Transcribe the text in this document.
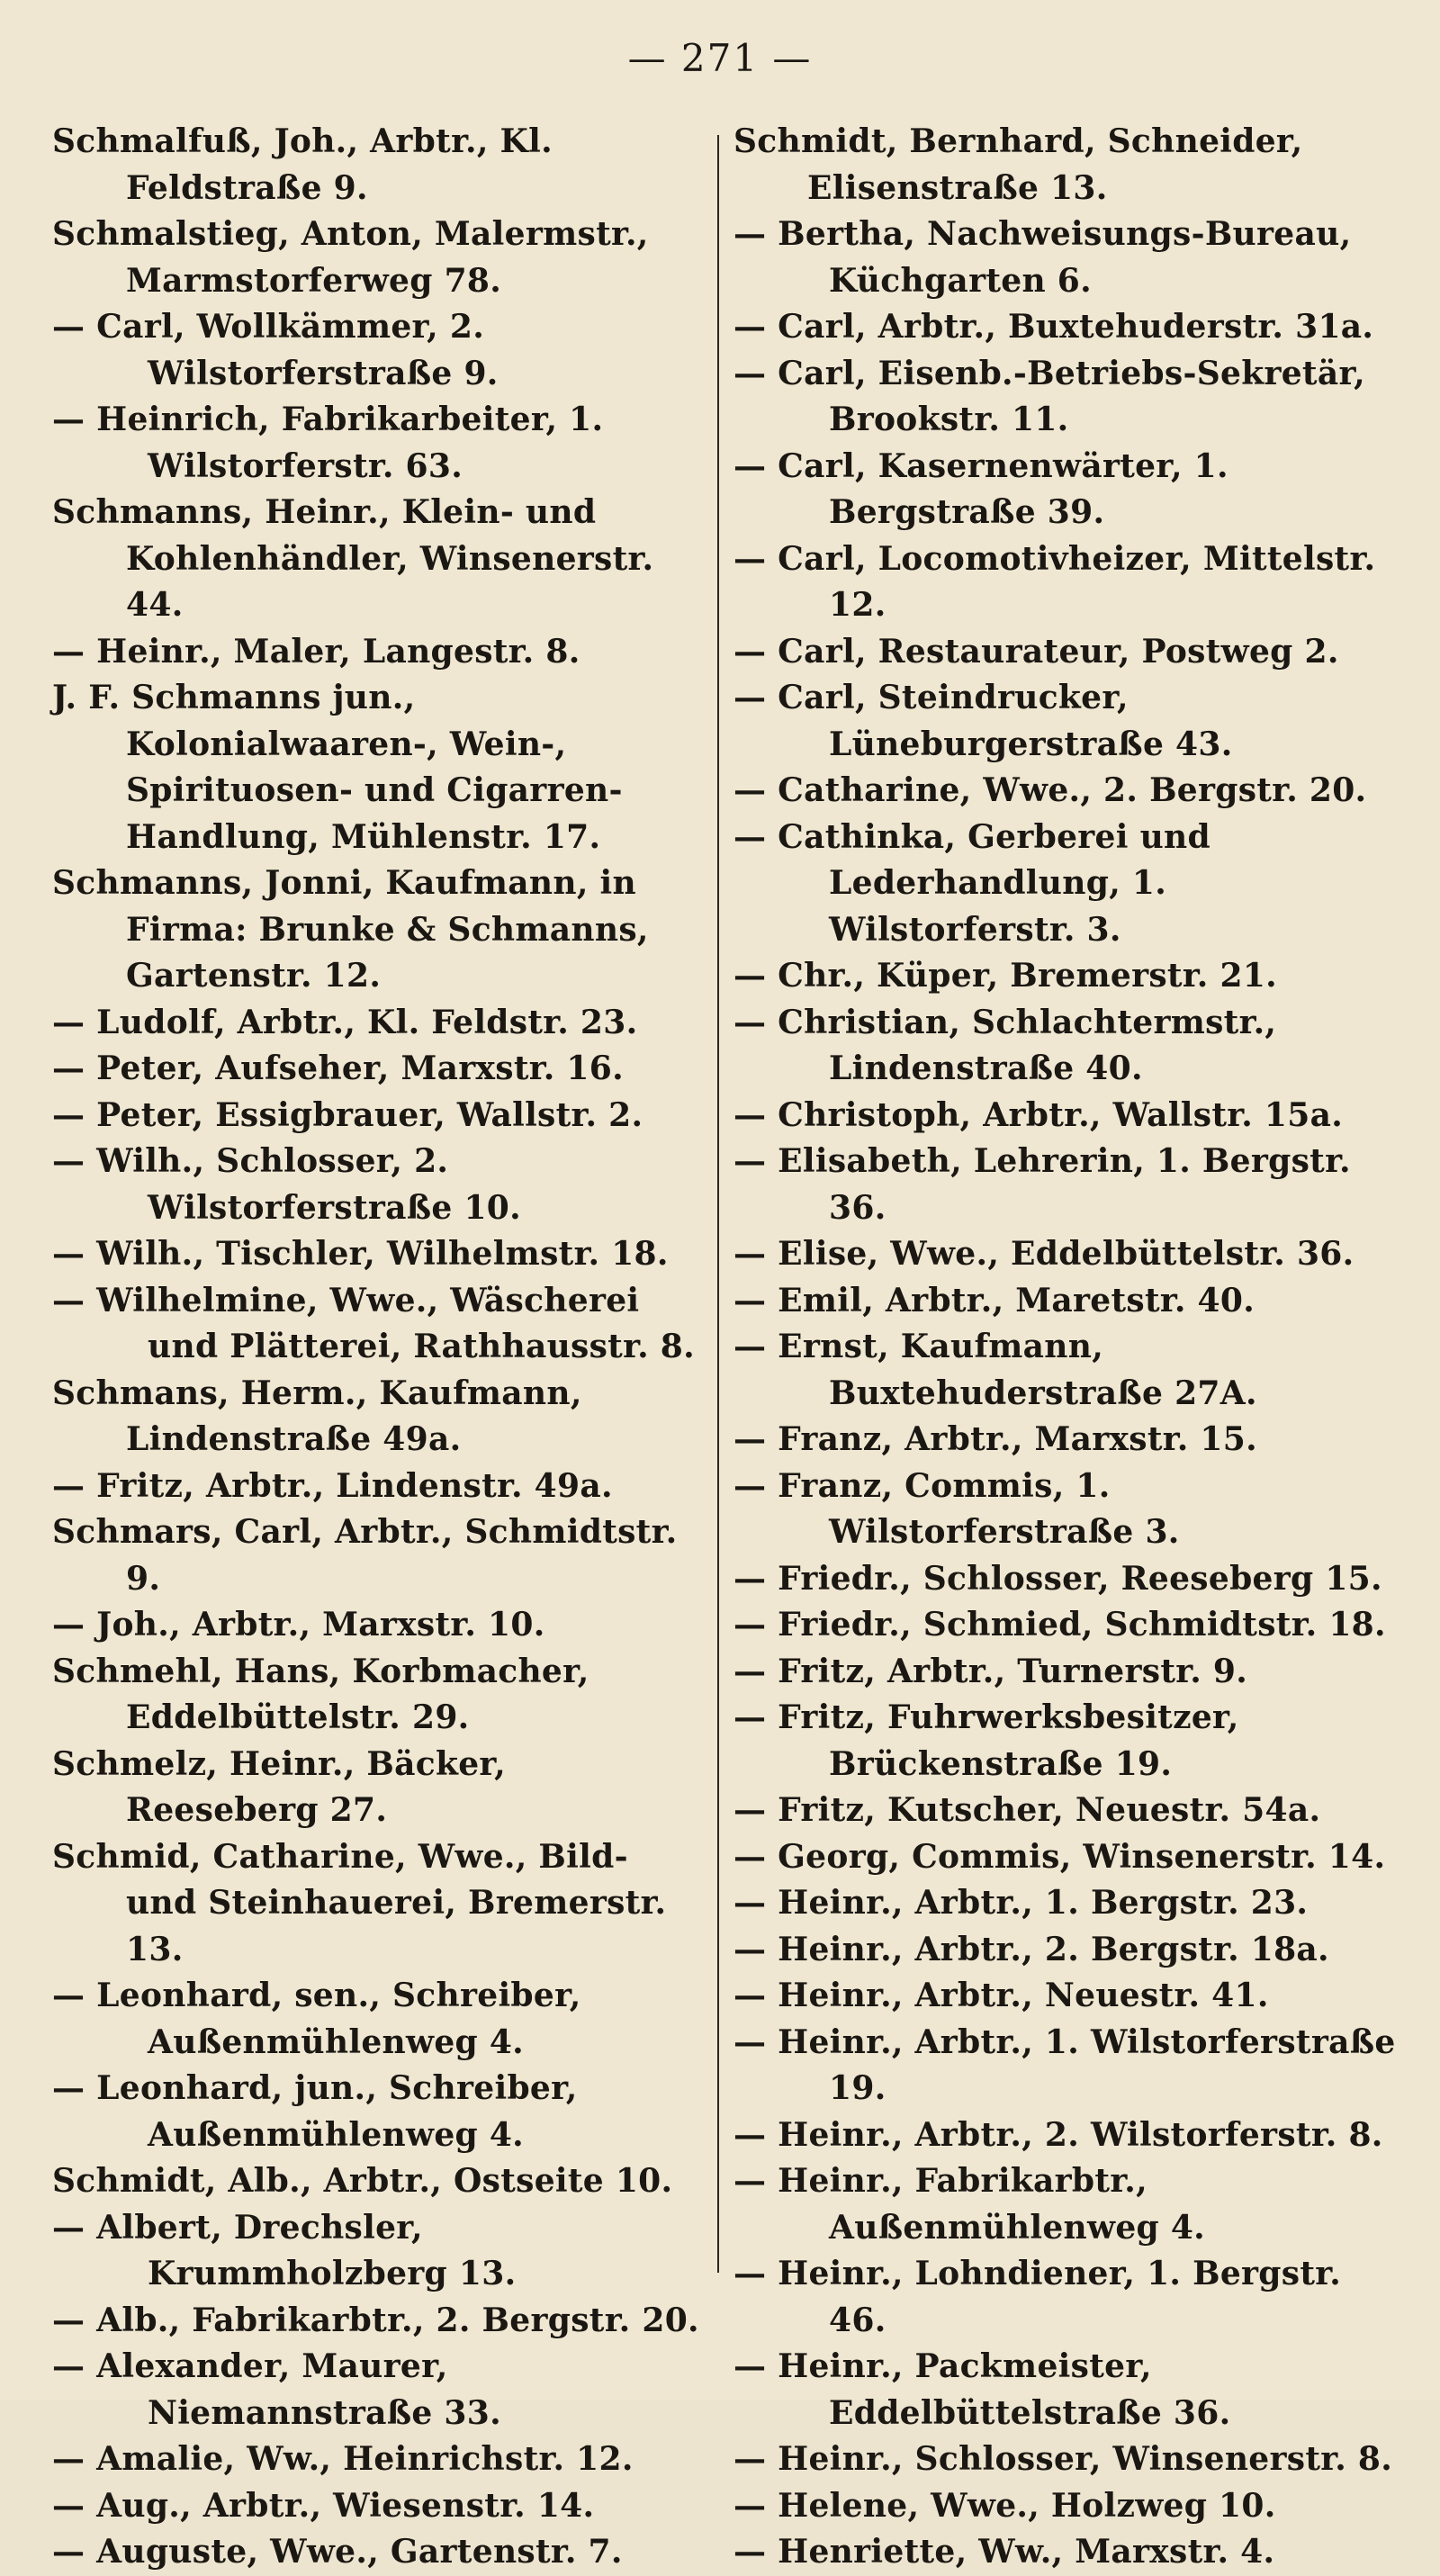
— 271 —
Schmalfuß, Joh., Arbtr., Kl. Feldstraße 9.
Schmalstieg, Anton, Malermstr., Marmstorferweg 78.
— Carl, Wollkämmer, 2. Wilstorferstraße 9.
— Heinrich, Fabrikarbeiter, 1. Wilstorferstr. 63.
Schmanns, Heinr., Klein- und Kohlenhändler, Winsenerstr. 44.
— Heinr., Maler, Langestr. 8.
J. F. Schmanns jun., Kolonialwaaren-, Wein-, Spirituosen- und Cigarren-Handlung, Mühlenstr. 17.
Schmanns, Jonni, Kaufmann, in Firma: Brunke & Schmanns, Gartenstr. 12.
— Ludolf, Arbtr., Kl. Feldstr. 23.
— Peter, Aufseher, Marxstr. 16.
— Peter, Essigbrauer, Wallstr. 2.
— Wilh., Schlosser, 2. Wilstorferstraße 10.
— Wilh., Tischler, Wilhelmstr. 18.
— Wilhelmine, Wwe., Wäscherei und Plätterei, Rathhausstr. 8.
Schmans, Herm., Kaufmann, Lindenstraße 49a.
— Fritz, Arbtr., Lindenstr. 49a.
Schmars, Carl, Arbtr., Schmidtstr. 9.
— Joh., Arbtr., Marxstr. 10.
Schmehl, Hans, Korbmacher, Eddelbüttelstr. 29.
Schmelz, Heinr., Bäcker, Reeseberg 27.
Schmid, Catharine, Wwe., Bild- und Steinhauerei, Bremerstr. 13.
— Leonhard, sen., Schreiber, Außenmühlenweg 4.
— Leonhard, jun., Schreiber, Außenmühlenweg 4.
Schmidt, Alb., Arbtr., Ostseite 10.
— Albert, Drechsler, Krummholzberg 13.
— Alb., Fabrikarbtr., 2. Bergstr. 20.
— Alexander, Maurer, Niemannstraße 33.
— Amalie, Ww., Heinrichstr. 12.
— Aug., Arbtr., Wiesenstr. 14.
— Auguste, Wwe., Gartenstr. 7.
Schmidt, Bernhard, Schneider, Elisenstraße 13.
— Bertha, Nachweisungs-Bureau, Küchgarten 6.
— Carl, Arbtr., Buxtehuderstr. 31a.
— Carl, Eisenb.-Betriebs-Sekretär, Brookstr. 11.
— Carl, Kasernenwärter, 1. Bergstraße 39.
— Carl, Locomotivheizer, Mittelstr. 12.
— Carl, Restaurateur, Postweg 2.
— Carl, Steindrucker, Lüneburgerstraße 43.
— Catharine, Wwe., 2. Bergstr. 20.
— Cathinka, Gerberei und Lederhandlung, 1. Wilstorferstr. 3.
— Chr., Küper, Bremerstr. 21.
— Christian, Schlachtermstr., Lindenstraße 40.
— Christoph, Arbtr., Wallstr. 15a.
— Elisabeth, Lehrerin, 1. Bergstr. 36.
— Elise, Wwe., Eddelbüttelstr. 36.
— Emil, Arbtr., Maretstr. 40.
— Ernst, Kaufmann, Buxtehuderstraße 27A.
— Franz, Arbtr., Marxstr. 15.
— Franz, Commis, 1. Wilstorferstraße 3.
— Friedr., Schlosser, Reeseberg 15.
— Friedr., Schmied, Schmidtstr. 18.
— Fritz, Arbtr., Turnerstr. 9.
— Fritz, Fuhrwerksbesitzer, Brückenstraße 19.
— Fritz, Kutscher, Neuestr. 54a.
— Georg, Commis, Winsenerstr. 14.
— Heinr., Arbtr., 1. Bergstr. 23.
— Heinr., Arbtr., 2. Bergstr. 18a.
— Heinr., Arbtr., Neuestr. 41.
— Heinr., Arbtr., 1. Wilstorferstraße 19.
— Heinr., Arbtr., 2. Wilstorferstr. 8.
— Heinr., Fabrikarbtr., Außenmühlenweg 4.
— Heinr., Lohndiener, 1. Bergstr. 46.
— Heinr., Packmeister, Eddelbüttelstraße 36.
— Heinr., Schlosser, Winsenerstr. 8.
— Helene, Wwe., Holzweg 10.
— Henriette, Ww., Marxstr. 4.
